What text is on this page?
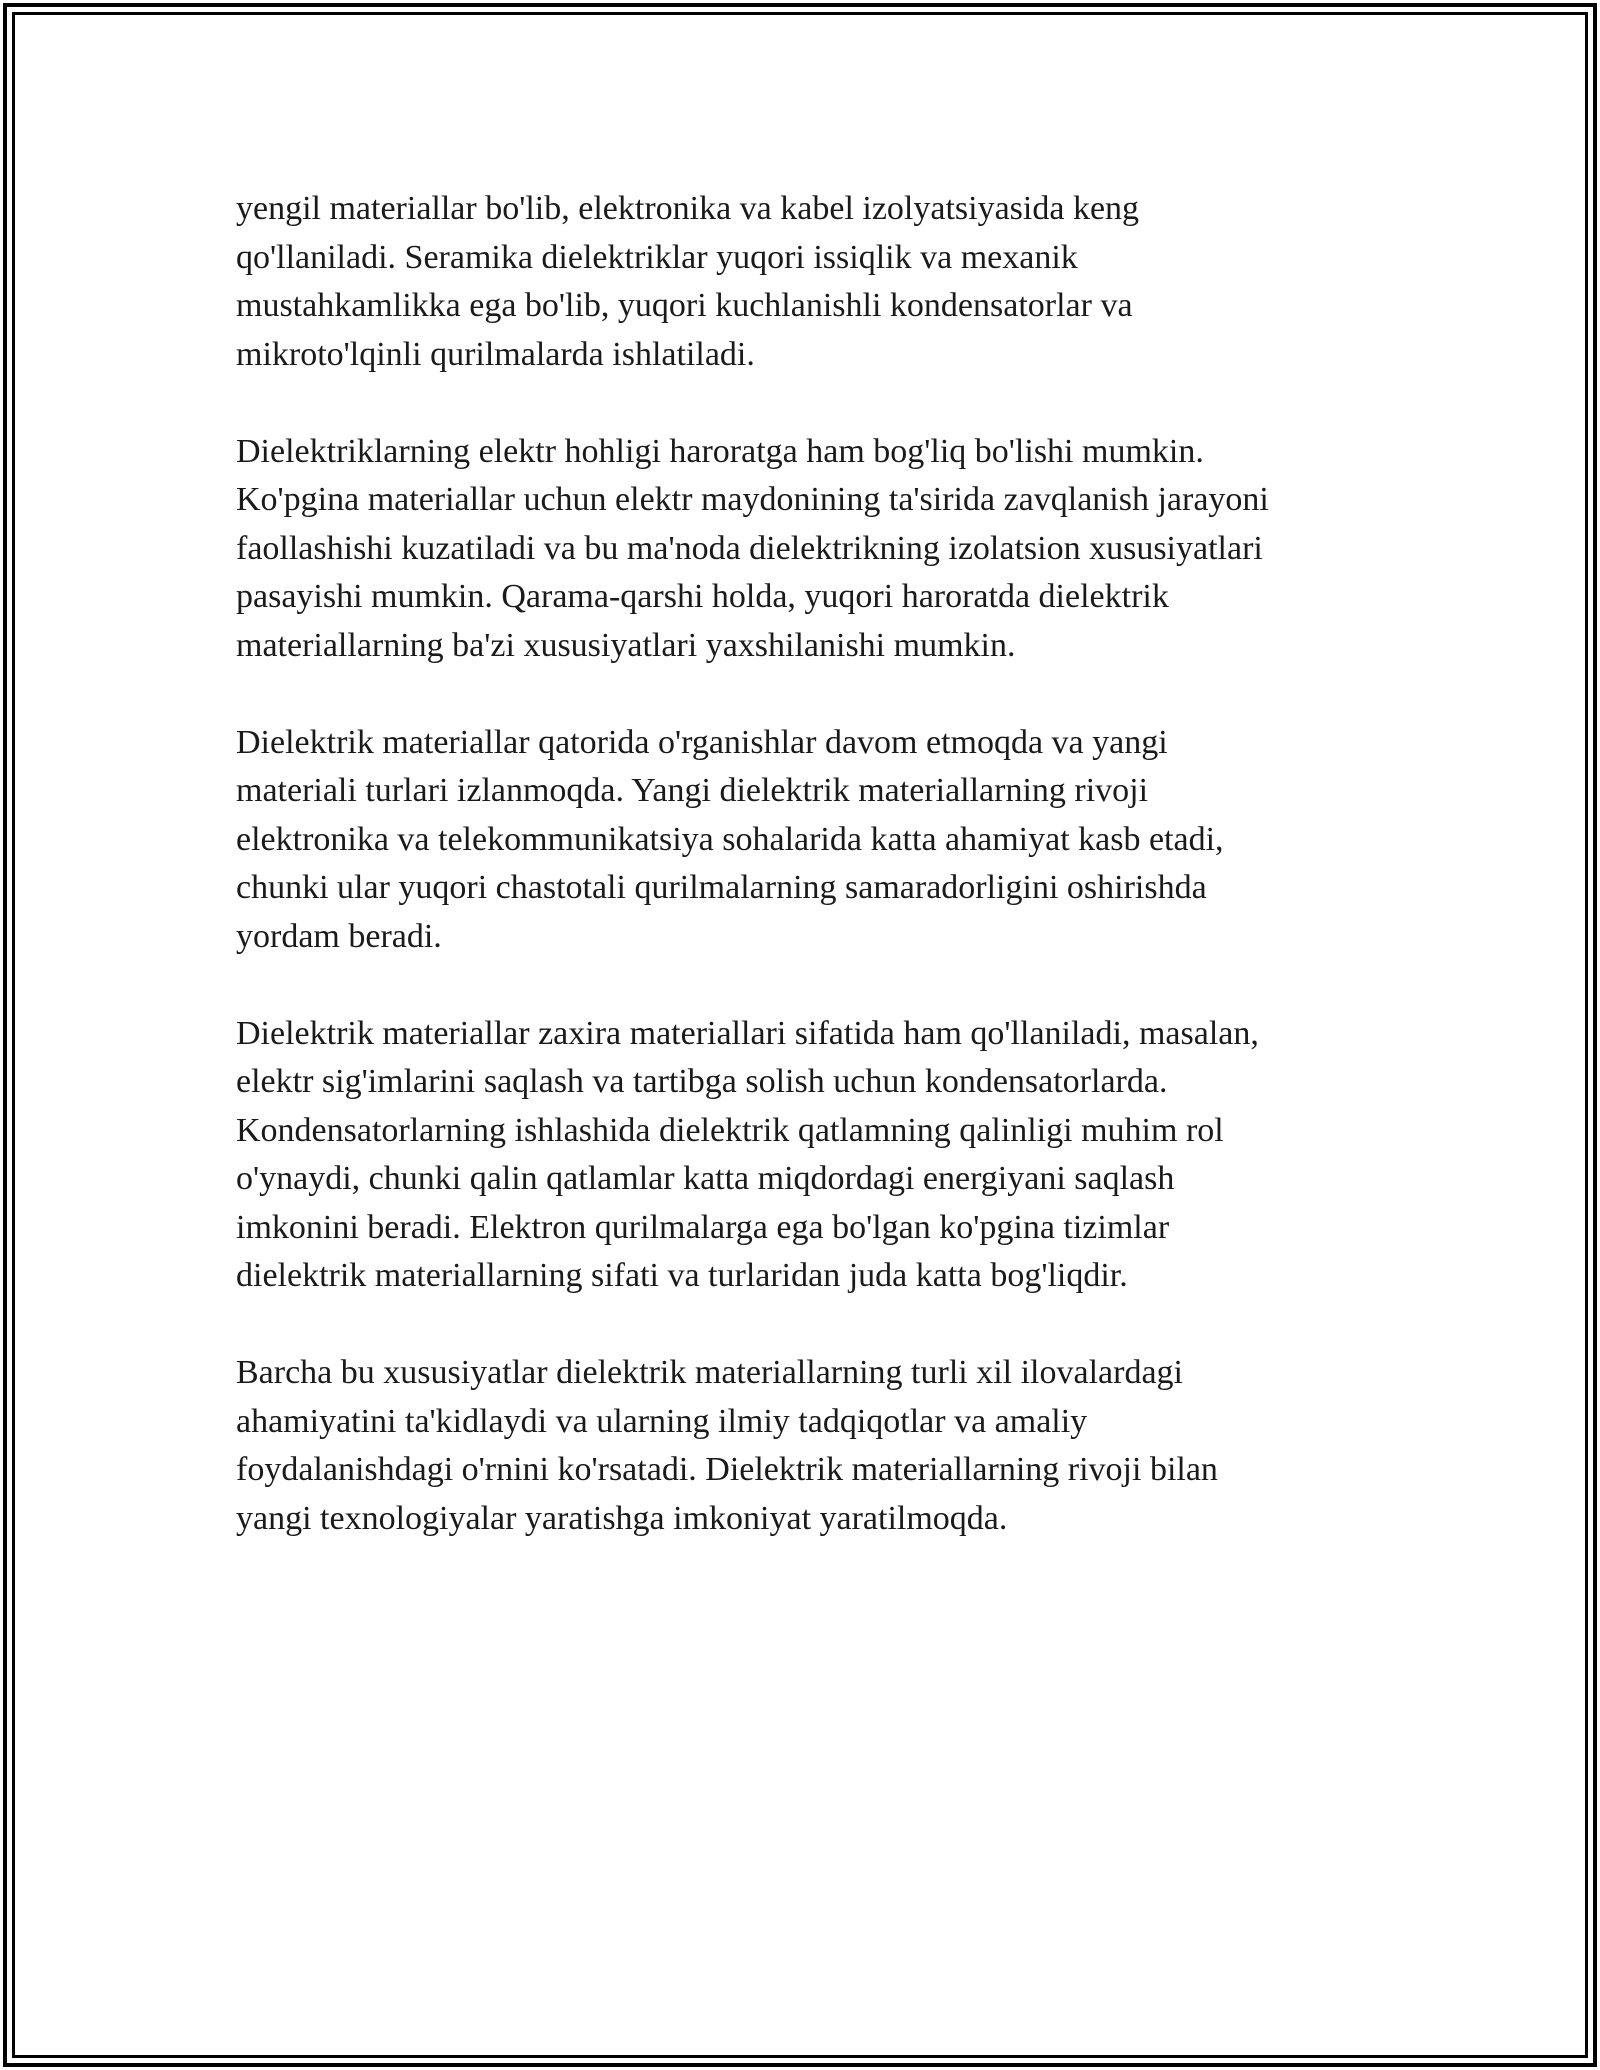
yengil materiallar bo'lib, elektronika va kabel izolyatsiyasida keng
qo'llaniladi. Seramika dielektriklar yuqori issiqlik va mexanik
mustahkamlikka ega bo'lib, yuqori kuchlanishli kondensatorlar va
mikroto'lqinli qurilmalarda ishlatiladi.

Dielektriklarning elektr hohligi haroratga ham bog'liq bo'lishi mumkin.
Ko'pgina materiallar uchun elektr maydonining ta'sirida zavqlanish jarayoni
faollashishi kuzatiladi va bu ma'noda dielektrikning izolatsion xususiyatlari
pasayishi mumkin. Qarama-qarshi holda, yuqori haroratda dielektrik
materiallarning ba'zi xususiyatlari yaxshilanishi mumkin.

Dielektrik materiallar qatorida o'rganishlar davom etmoqda va yangi
materiali turlari izlanmoqda. Yangi dielektrik materiallarning rivoji
elektronika va telekommunikatsiya sohalarida katta ahamiyat kasb etadi,
chunki ular yuqori chastotali qurilmalarning samaradorligini oshirishda
yordam beradi.

Dielektrik materiallar zaxira materiallari sifatida ham qo'llaniladi, masalan,
elektr sig'imlarini saqlash va tartibga solish uchun kondensatorlarda.
Kondensatorlarning ishlashida dielektrik qatlamning qalinligi muhim rol
o'ynaydi, chunki qalin qatlamlar katta miqdordagi energiyani saqlash
imkonini beradi. Elektron qurilmalarga ega bo'lgan ko'pgina tizimlar
dielektrik materiallarning sifati va turlaridan juda katta bog'liqdir.

Barcha bu xususiyatlar dielektrik materiallarning turli xil ilovalardagi
ahamiyatini ta'kidlaydi va ularning ilmiy tadqiqotlar va amaliy
foydalanishdagi o'rnini ko'rsatadi. Dielektrik materiallarning rivoji bilan
yangi texnologiyalar yaratishga imkoniyat yaratilmoqda.
